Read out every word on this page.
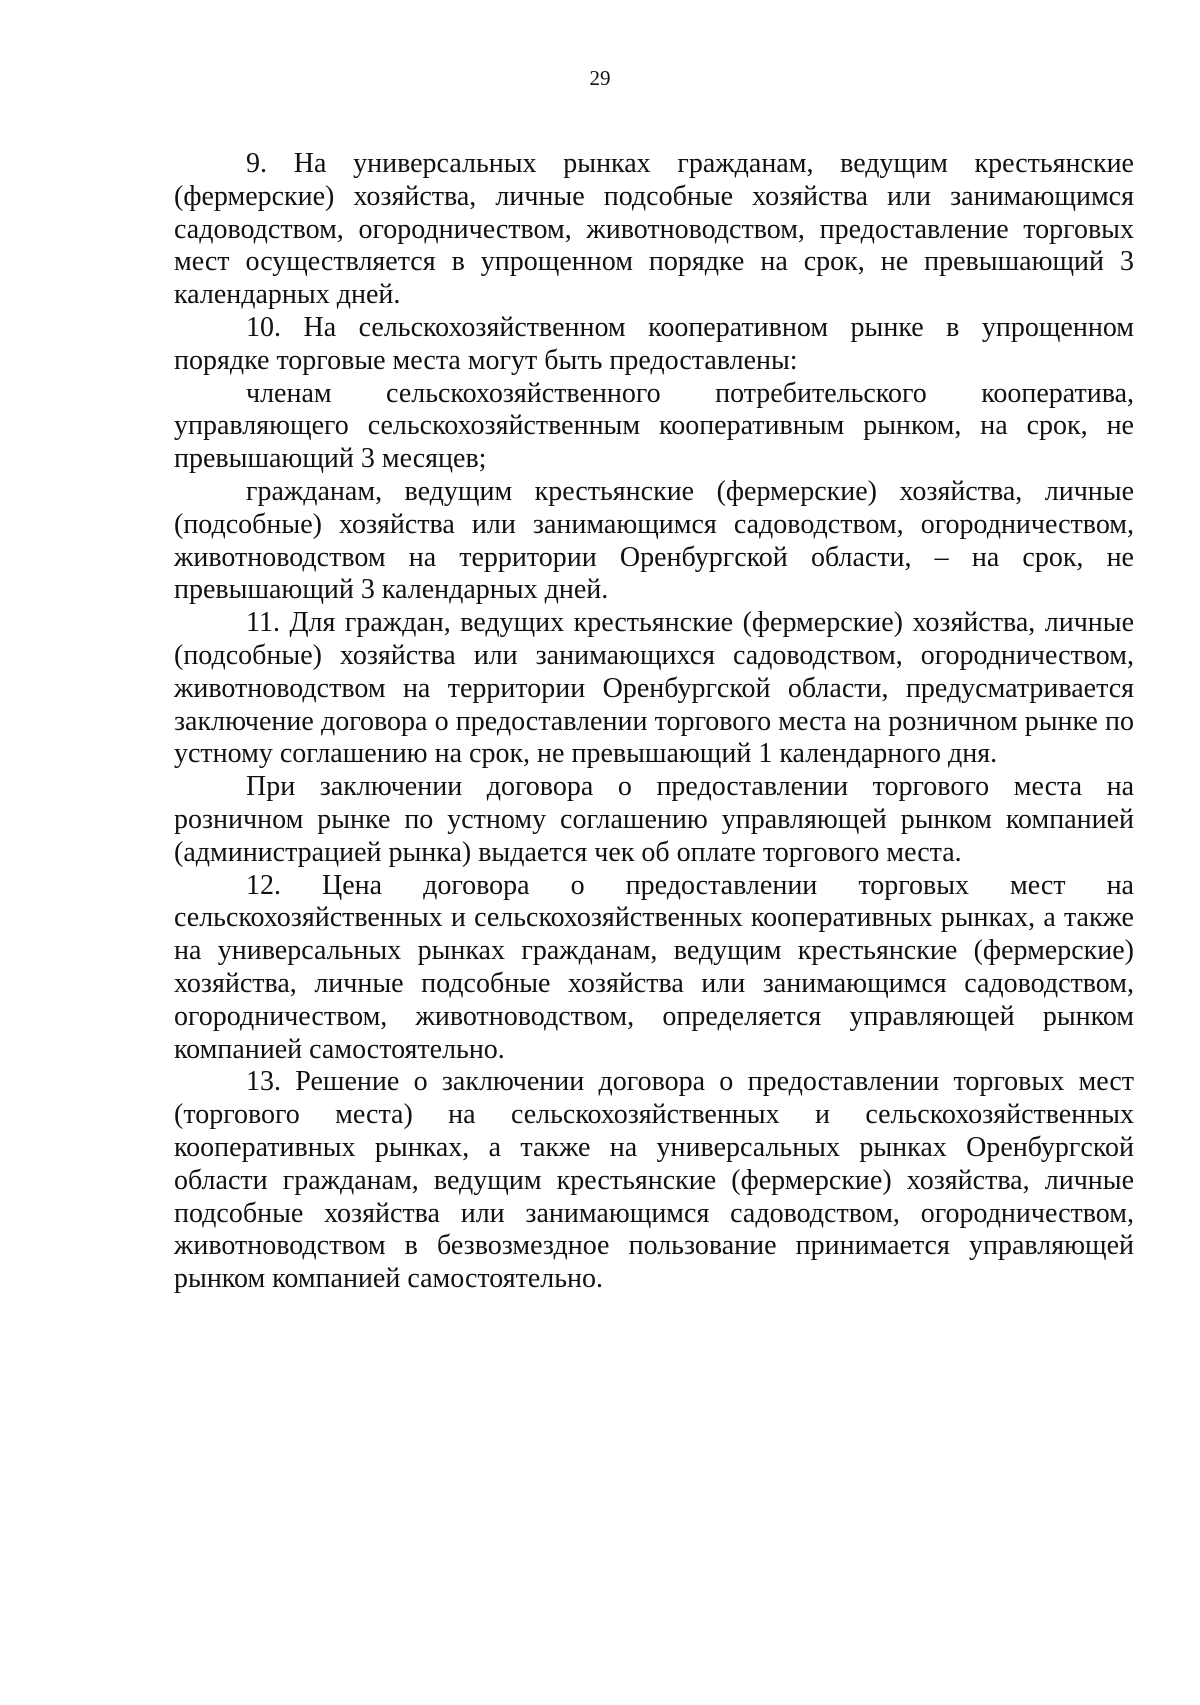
29

9. На универсальных рынках гражданам, ведущим крестьянские (фермерские) хозяйства, личные подсобные хозяйства или занимающимся садоводством, огородничеством, животноводством, предоставление торговых мест осуществляется в упрощенном порядке на срок, не превышающий 3 календарных дней.

10. На сельскохозяйственном кооперативном рынке в упрощенном порядке торговые места могут быть предоставлены:

членам сельскохозяйственного потребительского кооператива, управляющего сельскохозяйственным кооперативным рынком, на срок, не превышающий 3 месяцев;

гражданам, ведущим крестьянские (фермерские) хозяйства, личные (подсобные) хозяйства или занимающимся садоводством, огородничеством, животноводством на территории Оренбургской области, – на срок, не превышающий 3 календарных дней.

11. Для граждан, ведущих крестьянские (фермерские) хозяйства, личные (подсобные) хозяйства или занимающихся садоводством, огородничеством, животноводством на территории Оренбургской области, предусматривается заключение договора о предоставлении торгового места на розничном рынке по устному соглашению на срок, не превышающий 1 календарного дня.

При заключении договора о предоставлении торгового места на розничном рынке по устному соглашению управляющей рынком компанией (администрацией рынка) выдается чек об оплате торгового места.

12. Цена договора о предоставлении торговых мест на сельскохозяйственных и сельскохозяйственных кооперативных рынках, а также на универсальных рынках гражданам, ведущим крестьянские (фермерские) хозяйства, личные подсобные хозяйства или занимающимся садоводством, огородничеством, животноводством, определяется управляющей рынком компанией самостоятельно.

13. Решение о заключении договора о предоставлении торговых мест (торгового места) на сельскохозяйственных и сельскохозяйственных кооперативных рынках, а также на универсальных рынках Оренбургской области гражданам, ведущим крестьянские (фермерские) хозяйства, личные подсобные хозяйства или занимающимся садоводством, огородничеством, животноводством в безвозмездное пользование принимается управляющей рынком компанией самостоятельно.
